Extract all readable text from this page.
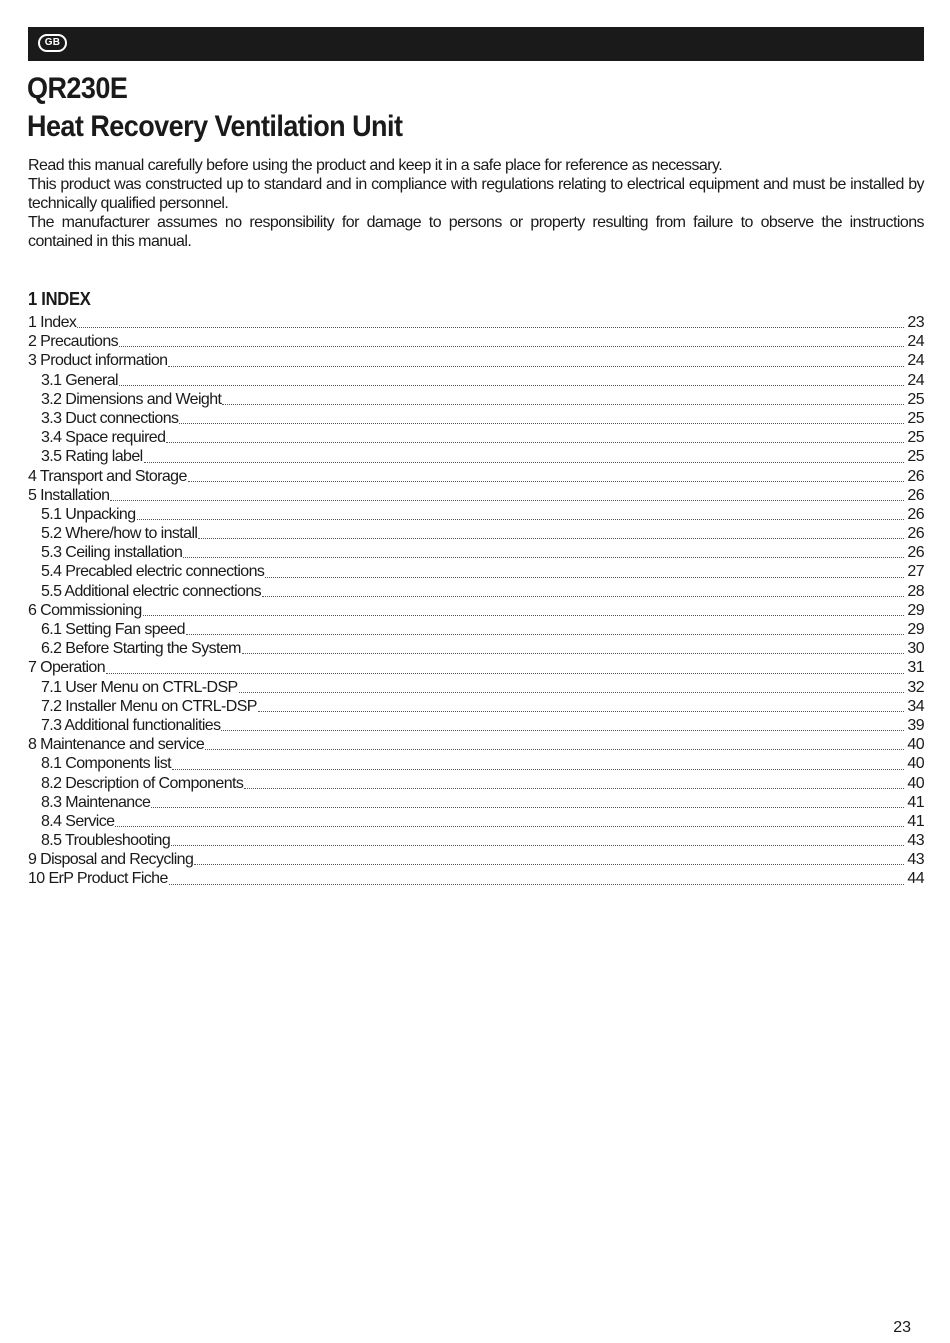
GB
QR230E
Heat Recovery Ventilation Unit

Read this manual carefully before using the product and keep it in a safe place for reference as necessary.

This product was constructed up to standard and in compliance with regulations relating to electrical equipment and must be installed by technically qualified personnel.

The manufacturer assumes no responsibility for damage to persons or property resulting from failure to observe the instructions contained in this manual.

1 INDEX
1 Index	23
2 Precautions	24
3 Product information	24
3.1 General	24
3.2 Dimensions and Weight	25
3.3 Duct connections	25
3.4 Space required	25
3.5 Rating label	25
4 Transport and Storage	26
5 Installation	26
5.1 Unpacking	26
5.2 Where/how to install	26
5.3 Ceiling installation	26
5.4 Precabled electric connections	27
5.5 Additional electric connections	28
6 Commissioning	29
6.1 Setting Fan speed	29
6.2 Before Starting the System	30
7 Operation	31
7.1 User Menu on CTRL-DSP	32
7.2 Installer Menu on CTRL-DSP	34
7.3 Additional functionalities	39
8 Maintenance and service	40
8.1 Components list	40
8.2 Description of Components	40
8.3 Maintenance	41
8.4 Service	41
8.5 Troubleshooting	43
9 Disposal and Recycling	43
10 ErP Product Fiche	44
23
